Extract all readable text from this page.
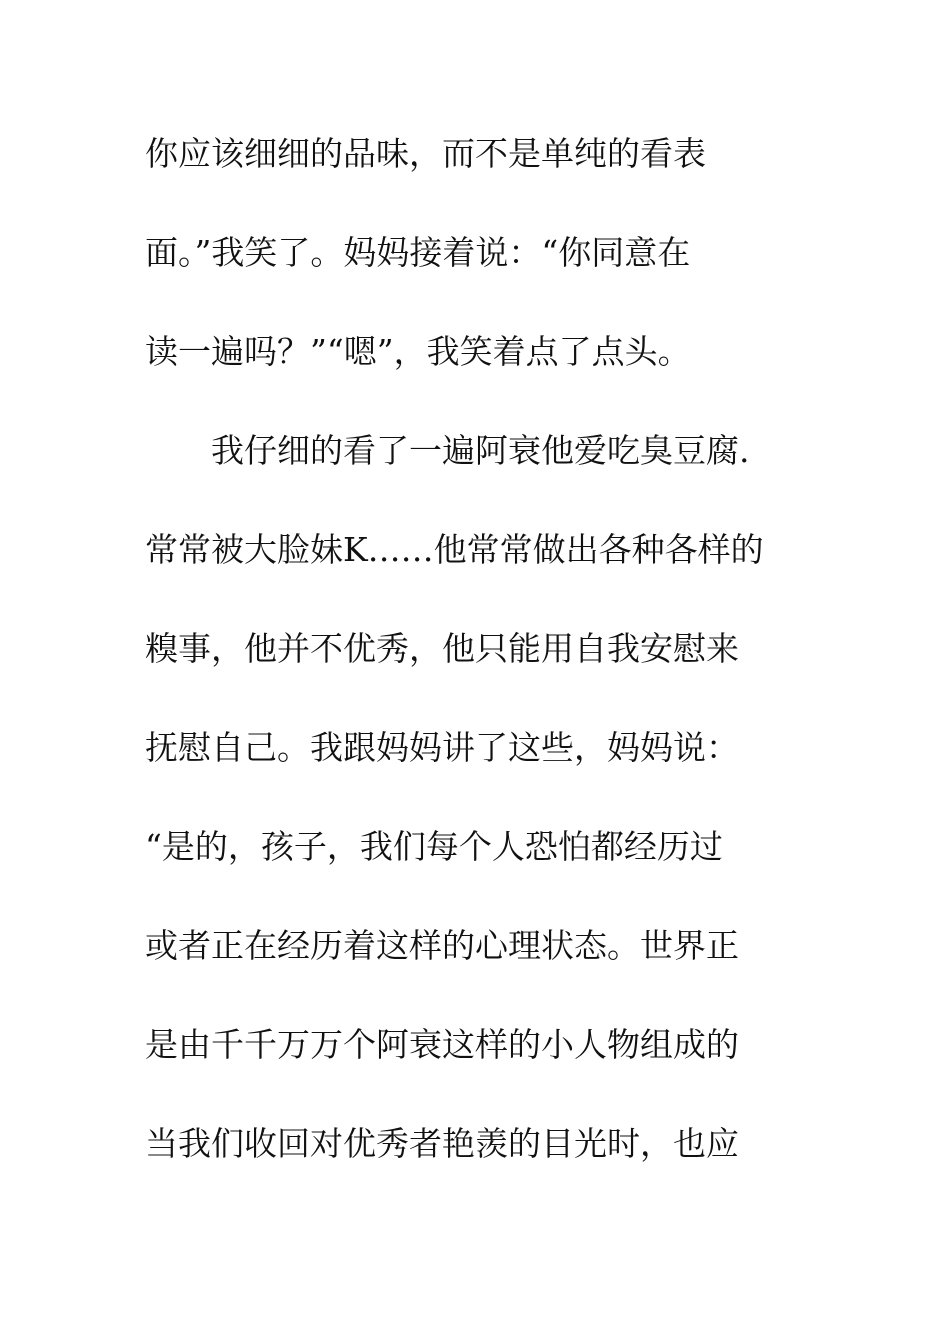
你应该细细的品味，而不是单纯的看表
面。”我笑了。妈妈接着说：“你同意在
读一遍吗？”“嗯”，我笑着点了点头。
　　我仔细的看了一遍阿衰他爱吃臭豆腐.
常常被大脸妹K……他常常做出各种各样的
糗事，他并不优秀，他只能用自我安慰来
抚慰自己。我跟妈妈讲了这些，妈妈说：
“是的，孩子，我们每个人恐怕都经历过
或者正在经历着这样的心理状态。世界正
是由千千万万个阿衰这样的小人物组成的
当我们收回对优秀者艳羡的目光时，也应
